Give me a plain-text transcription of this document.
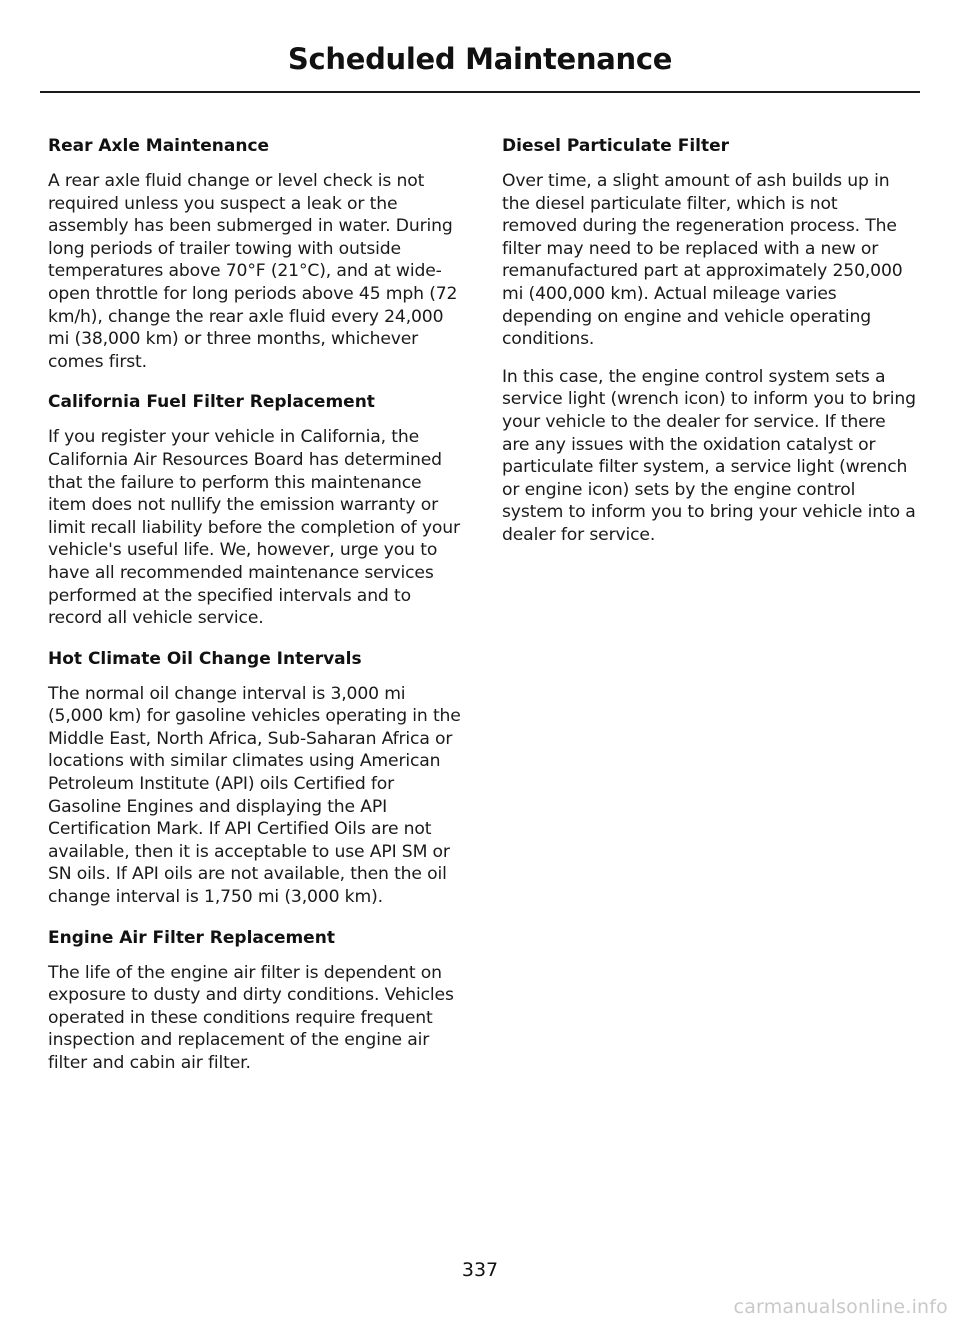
Scheduled Maintenance
Rear Axle Maintenance

A rear axle fluid change or level check is not required unless you suspect a leak or the assembly has been submerged in water. During long periods of trailer towing with outside temperatures above 70°F (21°C), and at wide-open throttle for long periods above 45 mph (72 km/h), change the rear axle fluid every 24,000 mi (38,000 km) or three months, whichever comes first.

California Fuel Filter Replacement

If you register your vehicle in California, the California Air Resources Board has determined that the failure to perform this maintenance item does not nullify the emission warranty or limit recall liability before the completion of your vehicle's useful life. We, however, urge you to have all recommended maintenance services performed at the specified intervals and to record all vehicle service.

Hot Climate Oil Change Intervals

The normal oil change interval is 3,000 mi (5,000 km) for gasoline vehicles operating in the Middle East, North Africa, Sub-Saharan Africa or locations with similar climates using American Petroleum Institute (API) oils Certified for Gasoline Engines and displaying the API Certification Mark. If API Certified Oils are not available, then it is acceptable to use API SM or SN oils. If API oils are not available, then the oil change interval is 1,750 mi (3,000 km).

Engine Air Filter Replacement

The life of the engine air filter is dependent on exposure to dusty and dirty conditions. Vehicles operated in these conditions require frequent inspection and replacement of the engine air filter and cabin air filter.

Diesel Particulate Filter

Over time, a slight amount of ash builds up in the diesel particulate filter, which is not removed during the regeneration process. The filter may need to be replaced with a new or remanufactured part at approximately 250,000 mi (400,000 km). Actual mileage varies depending on engine and vehicle operating conditions.

In this case, the engine control system sets a service light (wrench icon) to inform you to bring your vehicle to the dealer for service. If there are any issues with the oxidation catalyst or particulate filter system, a service light (wrench or engine icon) sets by the engine control system to inform you to bring your vehicle into a dealer for service.

337
carmanualsonline.info
